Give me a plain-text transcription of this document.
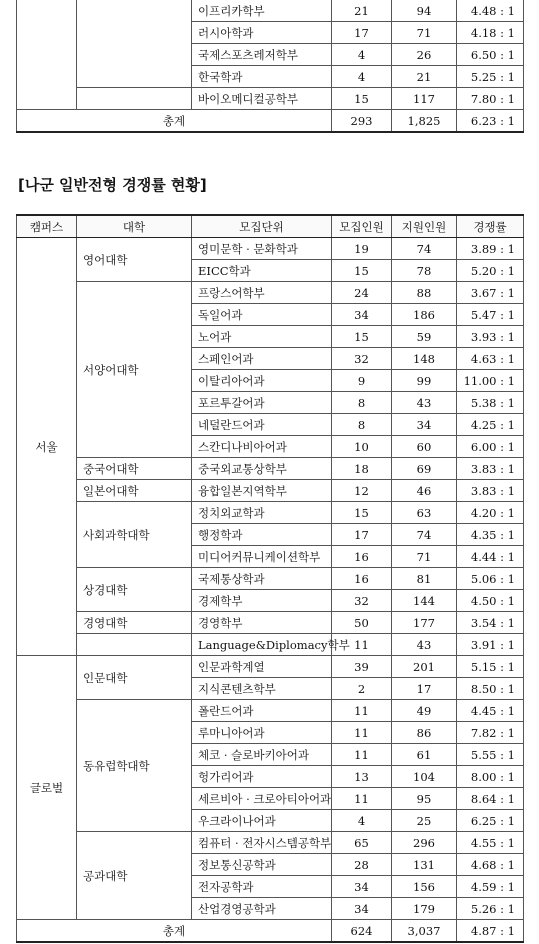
		이프리카학부	21	94	4.48 : 1
		러시아학과	17	71	4.18 : 1
		국제스포츠레저학부	4	26	6.50 : 1
		한국학과	4	21	5.25 : 1
		바이오메디컬공학부	15	117	7.80 : 1
총계			293	1,825	6.23 : 1
[나군 일반전형 경쟁률 현황]
캠퍼스	대학	모집단위	모집인원	지원인원	경쟁률
서울	영어대학	영미문학 · 문화학과	19	74	3.89 : 1
		EICC학과	15	78	5.20 : 1
	서양어대학	프랑스어학부	24	88	3.67 : 1
		독일어과	34	186	5.47 : 1
		노어과	15	59	3.93 : 1
		스페인어과	32	148	4.63 : 1
		이탈리아어과	9	99	11.00 : 1
		포르투갈어과	8	43	5.38 : 1
		네덜란드어과	8	34	4.25 : 1
		스칸디나비아어과	10	60	6.00 : 1
	중국어대학	중국외교통상학부	18	69	3.83 : 1
	일본어대학	융합일본지역학부	12	46	3.83 : 1
	사회과학대학	정치외교학과	15	63	4.20 : 1
		행정학과	17	74	4.35 : 1
		미디어커뮤니케이션학부	16	71	4.44 : 1
	상경대학	국제통상학과	16	81	5.06 : 1
		경제학부	32	144	4.50 : 1
	경영대학	경영학부	50	177	3.54 : 1
		Language&Diplomacy학부	11	43	3.91 : 1
글로벌	인문대학	인문과학계열	39	201	5.15 : 1
		지식콘텐츠학부	2	17	8.50 : 1
	동유럽학대학	폴란드어과	11	49	4.45 : 1
		루마니아어과	11	86	7.82 : 1
		체코 · 슬로바키아어과	11	61	5.55 : 1
		헝가리어과	13	104	8.00 : 1
		세르비아 · 크로아티아어과	11	95	8.64 : 1
		우크라이나어과	4	25	6.25 : 1
	공과대학	컴퓨터 · 전자시스템공학부	65	296	4.55 : 1
		정보통신공학과	28	131	4.68 : 1
		전자공학과	34	156	4.59 : 1
		산업경영공학과	34	179	5.26 : 1
총계			624	3,037	4.87 : 1
